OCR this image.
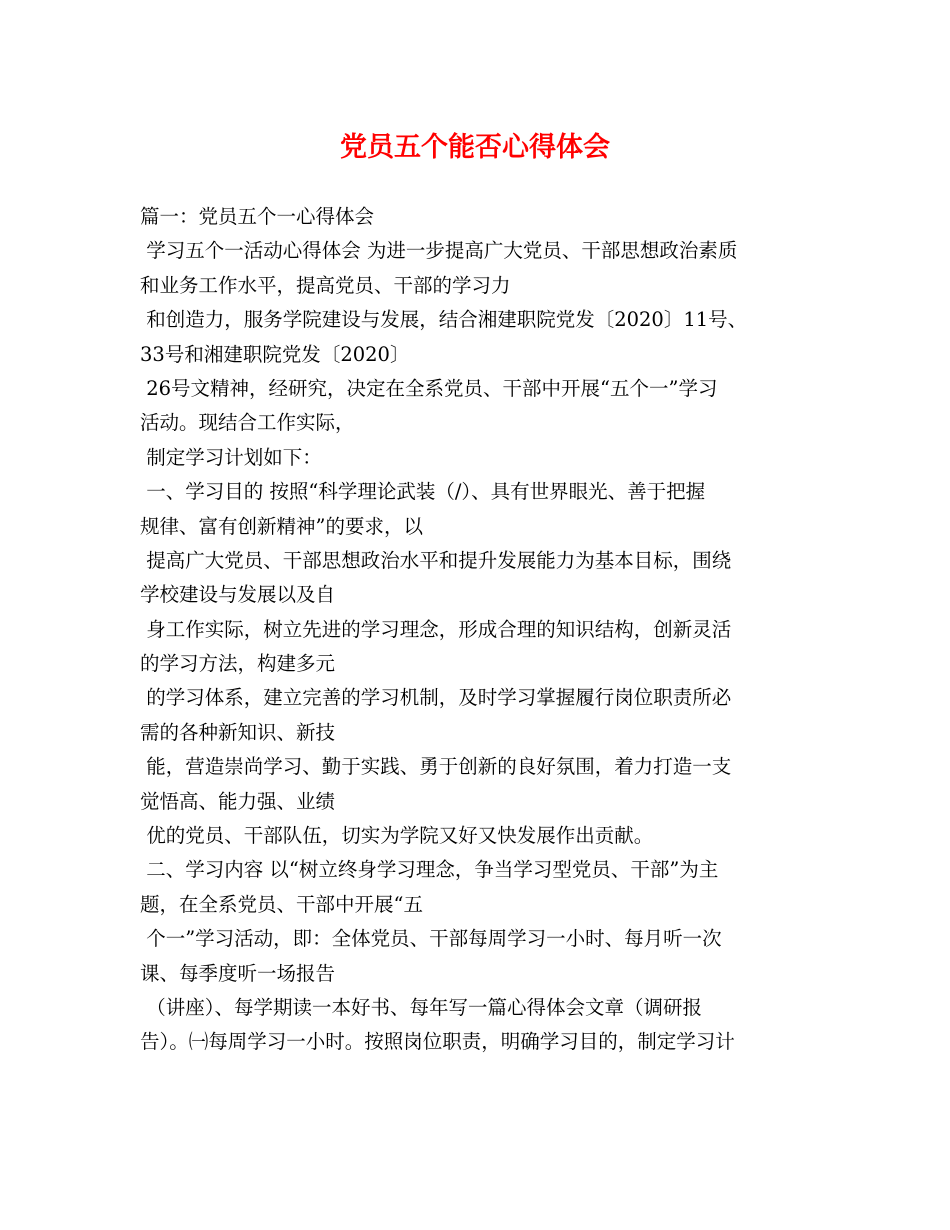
党员五个能否心得体会

篇一：党员五个一心得体会

学习五个一活动心得体会 为进一步提高广大党员、干部思想政治素质

和业务工作水平，提高党员、干部的学习力

和创造力，服务学院建设与发展，结合湘建职院党发〔2020〕11号、

33号和湘建职院党发〔2020〕

26号文精神，经研究，决定在全系党员、干部中开展“五个一”学习

活动。现结合工作实际，

制定学习计划如下：

一、学习目的 按照“科学理论武装（/）、具有世界眼光、善于把握

规律、富有创新精神”的要求，以

提高广大党员、干部思想政治水平和提升发展能力为基本目标，围绕

学校建设与发展以及自

身工作实际，树立先进的学习理念，形成合理的知识结构，创新灵活

的学习方法，构建多元

的学习体系，建立完善的学习机制，及时学习掌握履行岗位职责所必

需的各种新知识、新技

能，营造崇尚学习、勤于实践、勇于创新的良好氛围，着力打造一支

觉悟高、能力强、业绩

优的党员、干部队伍，切实为学院又好又快发展作出贡献。

二、学习内容 以“树立终身学习理念，争当学习型党员、干部”为主

题，在全系党员、干部中开展“五

个一”学习活动，即：全体党员、干部每周学习一小时、每月听一次

课、每季度听一场报告

（讲座）、每学期读一本好书、每年写一篇心得体会文章（调研报

告）。㈠每周学习一小时。按照岗位职责，明确学习目的，制定学习计
